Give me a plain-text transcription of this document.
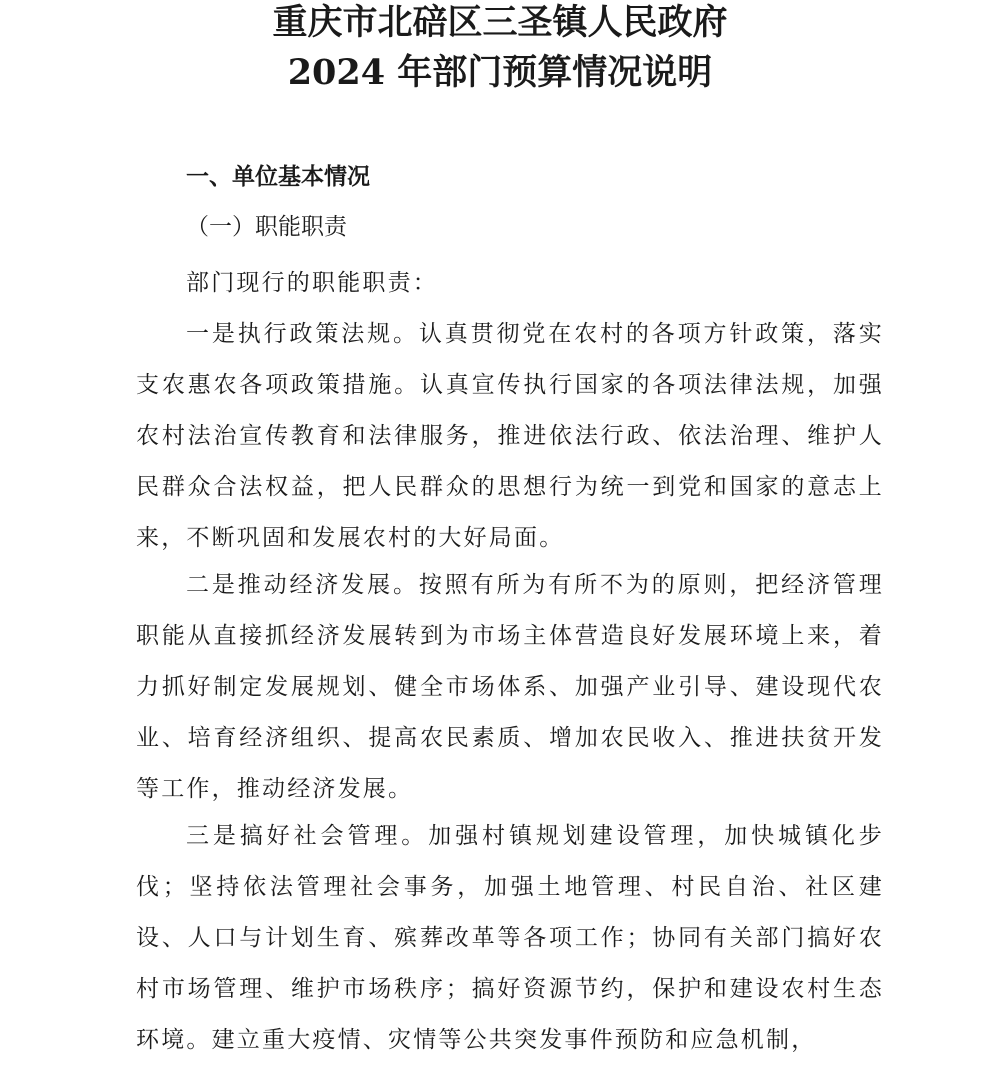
重庆市北碚区三圣镇人民政府
2024 年部门预算情况说明
一、单位基本情况
（一）职能职责

部门现行的职能职责：

一是执行政策法规。认真贯彻党在农村的各项方针政策，落实支农惠农各项政策措施。认真宣传执行国家的各项法律法规，加强农村法治宣传教育和法律服务，推进依法行政、依法治理、维护人民群众合法权益，把人民群众的思想行为统一到党和国家的意志上来，不断巩固和发展农村的大好局面。

二是推动经济发展。按照有所为有所不为的原则，把经济管理职能从直接抓经济发展转到为市场主体营造良好发展环境上来，着力抓好制定发展规划、健全市场体系、加强产业引导、建设现代农业、培育经济组织、提高农民素质、增加农民收入、推进扶贫开发等工作，推动经济发展。

三是搞好社会管理。加强村镇规划建设管理，加快城镇化步伐；坚持依法管理社会事务，加强土地管理、村民自治、社区建设、人口与计划生育、殡葬改革等各项工作；协同有关部门搞好农村市场管理、维护市场秩序；搞好资源节约，保护和建设农村生态环境。建立重大疫情、灾情等公共突发事件预防和应急机制，
